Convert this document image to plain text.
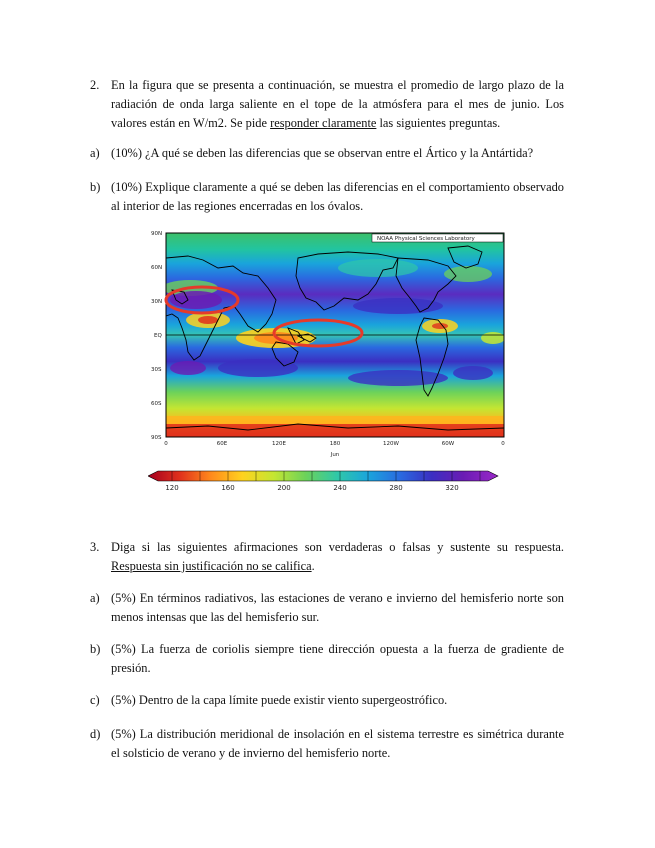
2. En la figura que se presenta a continuación, se muestra el promedio de largo plazo de la radiación de onda larga saliente en el tope de la atmósfera para el mes de junio. Los valores están en W/m2. Se pide responder claramente las siguientes preguntas.
a) (10%) ¿A qué se deben las diferencias que se observan entre el Ártico y la Antártida?
b) (10%) Explique claramente a qué se deben las diferencias en el comportamiento observado al interior de las regiones encerradas en los óvalos.
NOAA Physical Sciences Laboratory
90N
60N
30N
EQ
30S
60S
90S
0	60E	120E	180	120W	60W	0
Jun
120	160	200	240	280	320
3. Diga si las siguientes afirmaciones son verdaderas o falsas y sustente su respuesta. Respuesta sin justificación no se califica.
a) (5%) En términos radiativos, las estaciones de verano e invierno del hemisferio norte son menos intensas que las del hemisferio sur.
b) (5%) La fuerza de coriolis siempre tiene dirección opuesta a la fuerza de gradiente de presión.
c) (5%) Dentro de la capa límite puede existir viento supergeostrófico.
d) (5%) La distribución meridional de insolación en el sistema terrestre es simétrica durante el solsticio de verano y de invierno del hemisferio norte.
